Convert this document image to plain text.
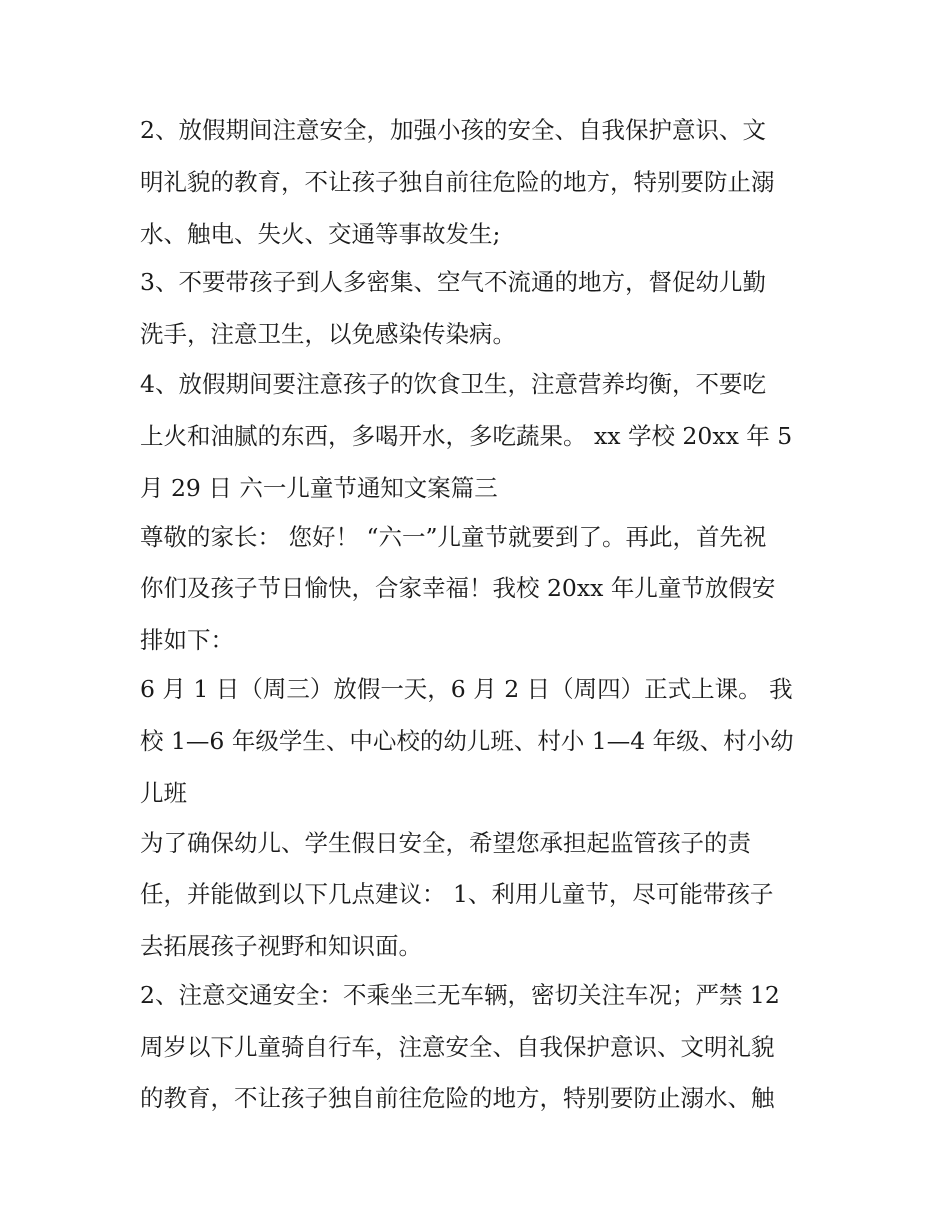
2、放假期间注意安全，加强小孩的安全、自我保护意识、文

明礼貌的教育，不让孩子独自前往危险的地方，特别要防止溺

水、触电、失火、交通等事故发生;

3、不要带孩子到人多密集、空气不流通的地方，督促幼儿勤

洗手，注意卫生，以免感染传染病。

4、放假期间要注意孩子的饮食卫生，注意营养均衡，不要吃

上火和油腻的东西，多喝开水，多吃蔬果。 xx 学校 20xx 年 5

月 29 日 六一儿童节通知文案篇三

尊敬的家长： 您好！ “六一”儿童节就要到了。再此，首先祝

你们及孩子节日愉快，合家幸福！我校 20xx 年儿童节放假安

排如下：

6 月 1 日（周三）放假一天，6 月 2 日（周四）正式上课。 我

校 1—6 年级学生、中心校的幼儿班、村小 1—4 年级、村小幼

儿班

为了确保幼儿、学生假日安全，希望您承担起监管孩子的责

任，并能做到以下几点建议： 1、利用儿童节，尽可能带孩子

去拓展孩子视野和知识面。

2、注意交通安全：不乘坐三无车辆，密切关注车况；严禁 12

周岁以下儿童骑自行车，注意安全、自我保护意识、文明礼貌

的教育，不让孩子独自前往危险的地方，特别要防止溺水、触
